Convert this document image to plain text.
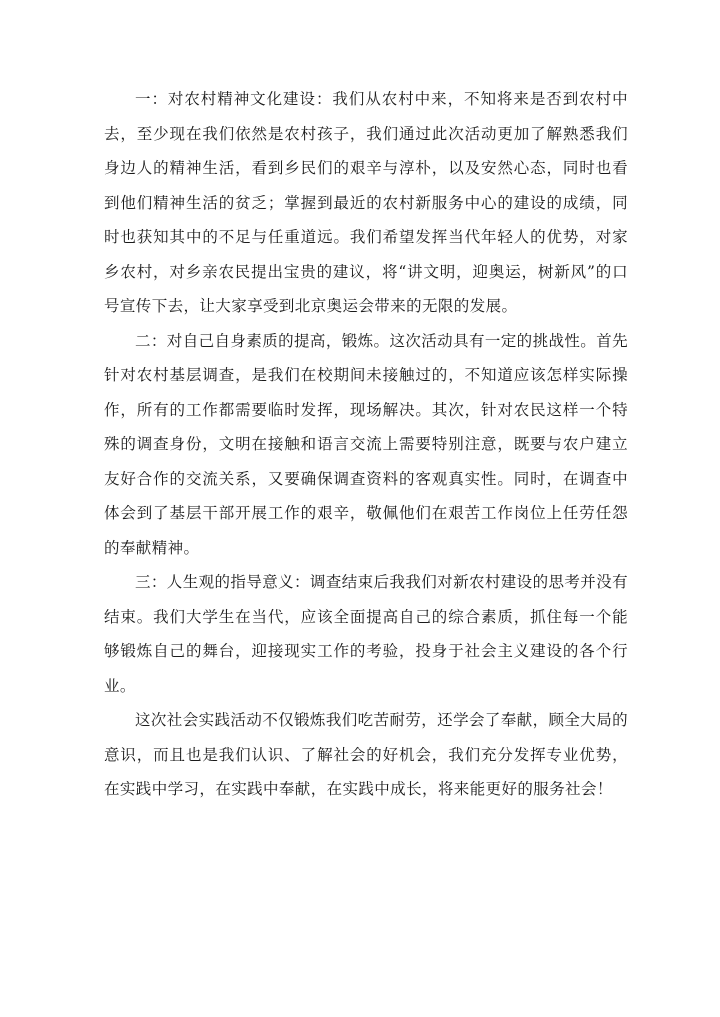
一：对农村精神文化建设：我们从农村中来，不知将来是否到农村中去，至少现在我们依然是农村孩子，我们通过此次活动更加了解熟悉我们身边人的精神生活，看到乡民们的艰辛与淳朴，以及安然心态，同时也看到他们精神生活的贫乏；掌握到最近的农村新服务中心的建设的成绩，同时也获知其中的不足与任重道远。我们希望发挥当代年轻人的优势，对家乡农村，对乡亲农民提出宝贵的建议，将“讲文明，迎奥运，树新风”的口号宣传下去，让大家享受到北京奥运会带来的无限的发展。

二：对自己自身素质的提高，锻炼。这次活动具有一定的挑战性。首先针对农村基层调查，是我们在校期间未接触过的，不知道应该怎样实际操作，所有的工作都需要临时发挥，现场解决。其次，针对农民这样一个特殊的调查身份，文明在接触和语言交流上需要特别注意，既要与农户建立友好合作的交流关系，又要确保调查资料的客观真实性。同时，在调查中体会到了基层干部开展工作的艰辛，敬佩他们在艰苦工作岗位上任劳任怨的奉献精神。

三：人生观的指导意义：调查结束后我我们对新农村建设的思考并没有结束。我们大学生在当代，应该全面提高自己的综合素质，抓住每一个能够锻炼自己的舞台，迎接现实工作的考验，投身于社会主义建设的各个行业。

这次社会实践活动不仅锻炼我们吃苦耐劳，还学会了奉献，顾全大局的意识，而且也是我们认识、了解社会的好机会，我们充分发挥专业优势，在实践中学习，在实践中奉献，在实践中成长，将来能更好的服务社会！
